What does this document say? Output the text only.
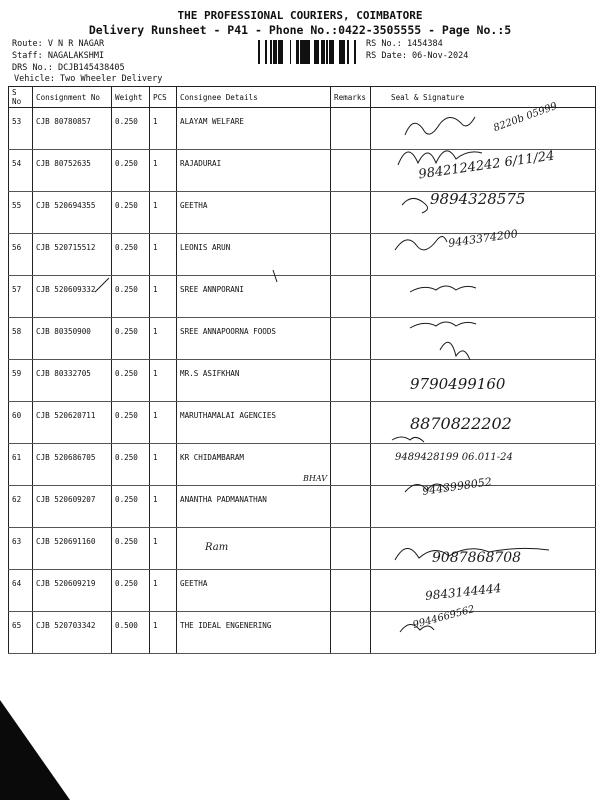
THE PROFESSIONAL COURIERS, COIMBATORE
Delivery Runsheet - P41 - Phone No.:0422-3505555 - Page No.:5
Route: V N R NAGAR
Staff: NAGALAKSHMI
DRS No.: DCJB145438405
Vehicle: Two Wheeler Delivery
RS No.: 1454384
RS Date: 06-Nov-2024
S No	Consignment No	Weight	PCS	Consignee Details	Remarks	Seal & Signature
53	CJB 80780857	0.250	1	ALAYAM WELFARE		
54	CJB 80752635	0.250	1	RAJADURAI		
55	CJB 520694355	0.250	1	GEETHA		
56	CJB 520715512	0.250	1	LEONIS ARUN		
57	CJB 520609332	0.250	1	SREE ANNPORANI		
58	CJB 80350900	0.250	1	SREE ANNAPOORNA FOODS		
59	CJB 80332705	0.250	1	MR.S ASIFKHAN		
60	CJB 520620711	0.250	1	MARUTHAMALAI AGENCIES		
61	CJB 520686705	0.250	1	KR CHIDAMBARAM		
62	CJB 520609207	0.250	1	ANANTHA PADMANATHAN		
63	CJB 520691160	0.250	1			
64	CJB 520609219	0.250	1	GEETHA		
65	CJB 520703342	0.500	1	THE IDEAL ENGENERING		
8220b 05999
9842124242 6/11/24
9894328575
9443374200
9790499160
8870822202
9489428199 06.011-24
9443998052
BHAV
Ram
9087868708
9843144444
9944669562
